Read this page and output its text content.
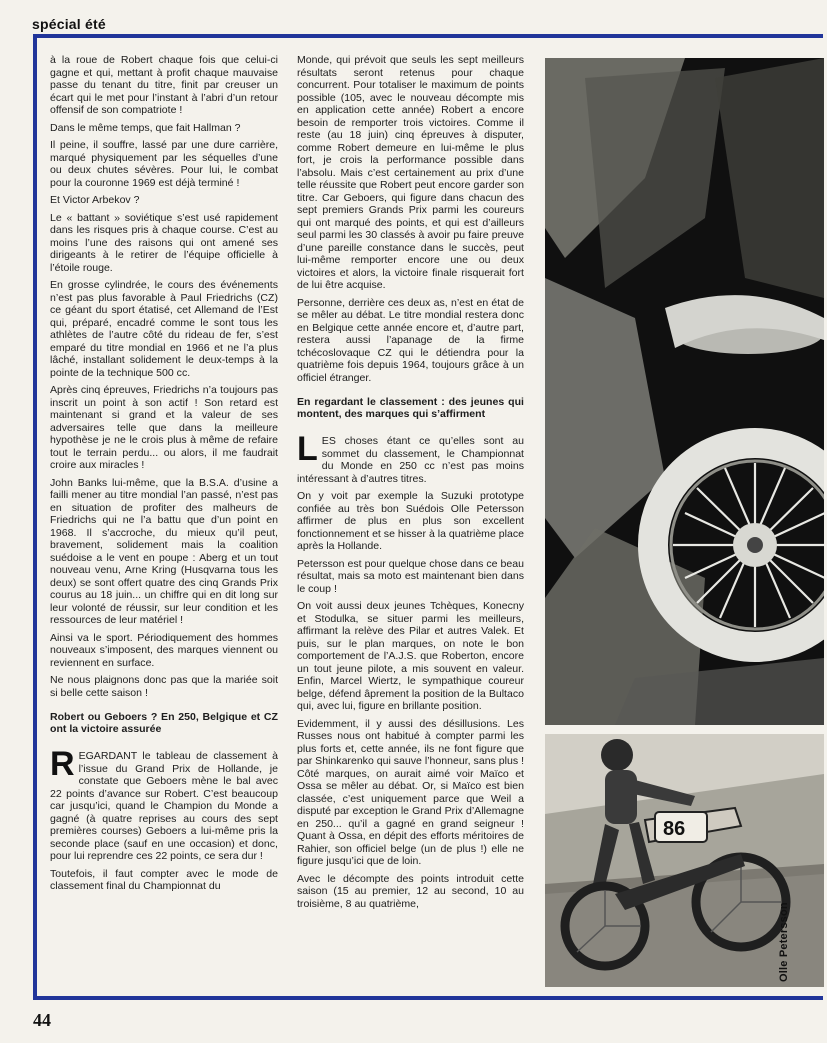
spécial été

à la roue de Robert chaque fois que celui-ci gagne et qui, mettant à profit chaque mauvaise passe du tenant du titre, finit par creuser un écart qui le met pour l’instant à l’abri d’un retour offensif de son compatriote !

Dans le même temps, que fait Hallman ?

Il peine, il souffre, lassé par une dure carrière, marqué physiquement par les séquelles d’une ou deux chutes sévères. Pour lui, le combat pour la couronne 1969 est déjà terminé !

Et Victor Arbekov ?

Le « battant » soviétique s’est usé rapidement dans les risques pris à chaque course. C’est au moins l’une des raisons qui ont amené ses dirigeants à le retirer de l’équipe officielle à l’étoile rouge.

En grosse cylindrée, le cours des événements n’est pas plus favorable à Paul Friedrichs (CZ) ce géant du sport étatisé, cet Allemand de l’Est qui, préparé, encadré comme le sont tous les athlètes de l’autre côté du rideau de fer, s’est emparé du titre mondial en 1966 et ne l’a plus lâché, installant solidement le deux-temps à la pointe de la technique 500 cc.

Après cinq épreuves, Friedrichs n’a toujours pas inscrit un point à son actif ! Son retard est maintenant si grand et la valeur de ses adversaires telle que dans la meilleure hypothèse je ne le crois plus à même de refaire tout le terrain perdu... ou alors, il me faudrait croire aux miracles !

John Banks lui-même, que la B.S.A. d’usine a failli mener au titre mondial l’an passé, n’est pas en situation de profiter des malheurs de Friedrichs qui ne l’a battu que d’un point en 1968. Il s’accroche, du mieux qu’il peut, bravement, solidement mais la coalition suédoise a le vent en poupe : Aberg et un tout nouveau venu, Arne Kring (Husqvarna tous les deux) se sont offert quatre des cinq Grands Prix courus au 18 juin... un chiffre qui en dit long sur leur volonté de réussir, sur leur condition et les ressources de leur matériel !

Ainsi va le sport. Périodiquement des hommes nouveaux s’imposent, des marques viennent ou reviennent en surface.

Ne nous plaignons donc pas que la mariée soit si belle cette saison !

Robert ou Geboers ? En 250, Belgique et CZ ont la victoire assurée

REGARDANT le tableau de classement à l’issue du Grand Prix de Hollande, je constate que Geboers mène le bal avec 22 points d’avance sur Robert. C’est beaucoup car jusqu’ici, quand le Champion du Monde a gagné (à quatre reprises au cours des sept premières courses) Geboers a lui-même pris la seconde place (sauf en une occasion) et donc, pour lui reprendre ces 22 points, ce sera dur !

Toutefois, il faut compter avec le mode de classement final du Championnat du

Monde, qui prévoit que seuls les sept meilleurs résultats seront retenus pour chaque concurrent. Pour totaliser le maximum de points possible (105, avec le nouveau décompte mis en application cette année) Robert a encore besoin de remporter trois victoires. Comme il reste (au 18 juin) cinq épreuves à disputer, comme Robert demeure en lui-même le plus fort, je crois la performance possible dans l’absolu. Mais c’est certainement au prix d’une telle réussite que Robert peut encore garder son titre. Car Geboers, qui figure dans chacun des sept premiers Grands Prix parmi les coureurs qui ont marqué des points, et qui est d’ailleurs seul parmi les 30 classés à avoir pu faire preuve d’une pareille constance dans le succès, peut lui-même remporter encore une ou deux victoires et alors, la victoire finale risquerait fort de lui être acquise.

Personne, derrière ces deux as, n’est en état de se mêler au débat. Le titre mondial restera donc en Belgique cette année encore et, d’autre part, restera aussi l’apanage de la firme tchécoslovaque CZ qui le détiendra pour la quatrième fois depuis 1964, toujours grâce à un officiel étranger.

En regardant le classement : des jeunes qui montent, des marques qui s’affirment

LES choses étant ce qu’elles sont au sommet du classement, le Championnat du Monde en 250 cc n’est pas moins intéressant à d’autres titres.

On y voit par exemple la Suzuki prototype confiée au très bon Suédois Olle Petersson affirmer de plus en plus son excellent fonctionnement et se hisser à la quatrième place après la Hollande.

Petersson est pour quelque chose dans ce beau résultat, mais sa moto est maintenant bien dans le coup !

On voit aussi deux jeunes Tchèques, Konecny et Stodulka, se situer parmi les meilleurs, affirmant la relève des Pilar et autres Valek. Et puis, sur le plan marques, on note le bon comportement de l’A.J.S. que Roberton, encore un tout jeune pilote, a mis souvent en valeur. Enfin, Marcel Wiertz, le sympathique coureur belge, défend âprement la position de la Bultaco qui, avec lui, figure en brillante position.

Evidemment, il y aussi des désillusions. Les Russes nous ont habitué à compter parmi les plus forts et, cette année, ils ne font figure que par Shinkarenko qui sauve l’honneur, sans plus ! Côté marques, on aurait aimé voir Maïco et Ossa se mêler au débat. Or, si Maïco est bien classée, c’est uniquement parce que Weil a disputé par exception le Grand Prix d’Allemagne en 250... qu’il a gagné en grand seigneur ! Quant à Ossa, en dépit des efforts méritoires de Rahier, son officiel belge (un de plus !) elle ne figure jusqu’ici que de loin.

Avec le décompte des points introduit cette saison (15 au premier, 12 au second, 10 au troisième, 8 au quatrième,

86
Olle Petersson
44
